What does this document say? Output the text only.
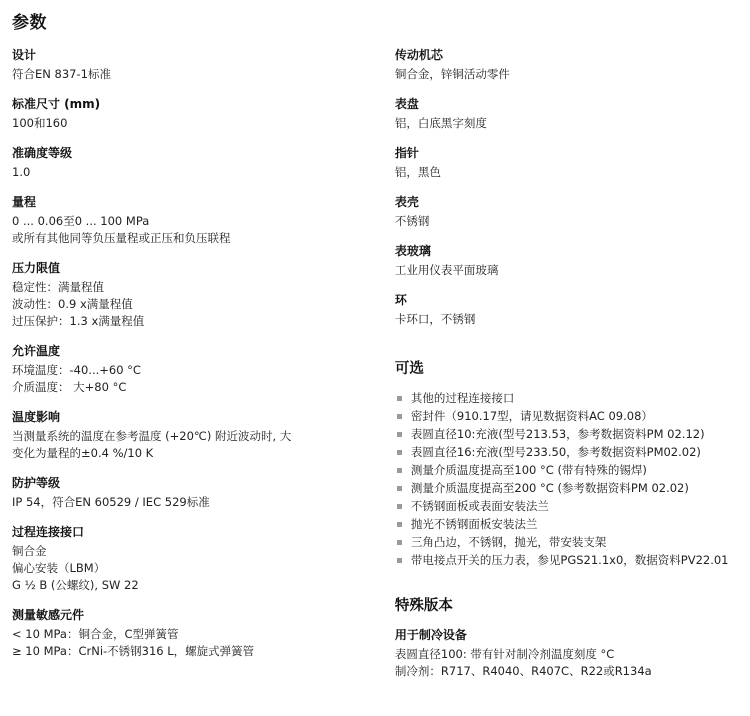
参数
设计
符合EN 837-1标准
标准尺寸 (mm)
100和160
准确度等级
1.0
量程
0 ... 0.06至0 ... 100 MPa
或所有其他同等负压量程或正压和负压联程
压力限值
稳定性：满量程值
波动性：0.9 x满量程值
过压保护：1.3 x满量程值
允许温度
环境温度：-40...+60 °C
介质温度： 大+80 °C
温度影响
当测量系统的温度在参考温度 (+20℃) 附近波动时, 大
变化为量程的±0.4 %/10 K
防护等级
IP 54，符合EN 60529 / IEC 529标准
过程连接接口
铜合金
偏心安装（LBM）
G ½ B (公螺纹), SW 22
测量敏感元件
< 10 MPa：铜合金，C型弹簧管
≥ 10 MPa：CrNi-不锈钢316 L，螺旋式弹簧管
传动机芯
铜合金，锌铜活动零件
表盘
铝，白底黑字刻度
指针
铝，黑色
表壳
不锈钢
表玻璃
工业用仪表平面玻璃
环
卡环口，不锈钢
可选
其他的过程连接接口
密封件（910.17型，请见数据资料AC 09.08）
表圆直径10:充液(型号213.53，参考数据资料PM 02.12)
表圆直径16:充液(型号233.50，参考数据资料PM02.02)
测量介质温度提高至100 °C (带有特殊的锡焊)
测量介质温度提高至200 °C (参考数据资料PM 02.02)
不锈钢面板或表面安装法兰
抛光不锈钢面板安装法兰
三角凸边，不锈钢，抛光，带安装支架
带电接点开关的压力表，参见PGS21.1x0，数据资料PV22.01
特殊版本
用于制冷设备
表圆直径100: 带有针对制冷剂温度刻度 °C
制冷剂：R717、R4040、R407C、R22或R134a
